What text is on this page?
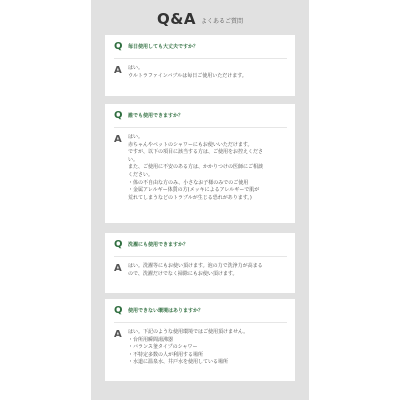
Q&A よくあるご質問
Q	毎日使用しても大丈夫ですか？
A	はい。
ウルトラファインバブルは毎日ご使用いただけます。
Q	誰でも使用できますか？
A	はい。
赤ちゃんやペットのシャワーにもお使いいただけます。
ですが、以下の項目に該当する方は、ご使用をお控えくださ
い。
また、ご使用に不安のある方は、かかりつけの医師にご相談
ください。
・体の不自由な方のみ、小さなお子様のみでのご使用
・金属アレルギー体質の方(メッキによるアレルギーで肌が
荒れてしまうなどのトラブルが生じる恐れがあります。)
Q	洗濯にも使用できますか？
A	はい。洗濯等にもお使い頂けます。泡の力で洗浄力が高まる
ので、洗濯だけでなく掃除にもお使い頂けます。
Q	使用できない環境はありますか？
A	はい。下記のような使用環境ではご使用頂けません。
・台所用瞬間湯沸器
・バランス釜タイプのシャワー
・不特定多数の人が利用する場所
・水道に温泉水、井戸水を使用している場所
